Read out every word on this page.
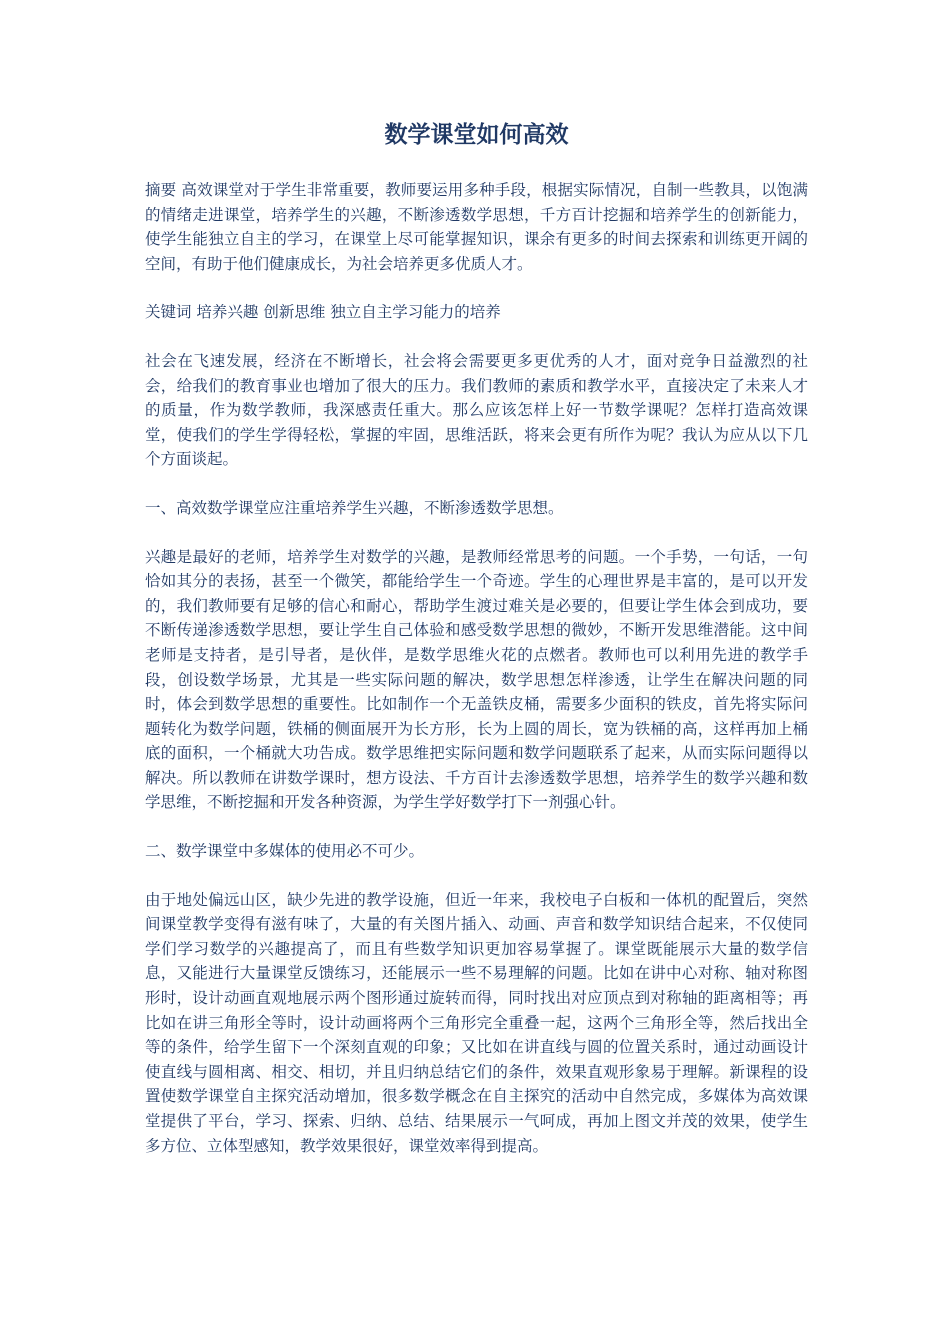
数学课堂如何高效

摘要 高效课堂对于学生非常重要，教师要运用多种手段，根据实际情况，自制一些教具，以饱满的情绪走进课堂，培养学生的兴趣，不断渗透数学思想，千方百计挖掘和培养学生的创新能力，使学生能独立自主的学习，在课堂上尽可能掌握知识，课余有更多的时间去探索和训练更开阔的空间，有助于他们健康成长，为社会培养更多优质人才。

关键词 培养兴趣 创新思维 独立自主学习能力的培养

社会在飞速发展，经济在不断增长，社会将会需要更多更优秀的人才，面对竞争日益激烈的社会，给我们的教育事业也增加了很大的压力。我们教师的素质和教学水平，直接决定了未来人才的质量，作为数学教师，我深感责任重大。那么应该怎样上好一节数学课呢？怎样打造高效课堂，使我们的学生学得轻松，掌握的牢固，思维活跃，将来会更有所作为呢？我认为应从以下几个方面谈起。

一、高效数学课堂应注重培养学生兴趣，不断渗透数学思想。

兴趣是最好的老师，培养学生对数学的兴趣，是教师经常思考的问题。一个手势，一句话，一句恰如其分的表扬，甚至一个微笑，都能给学生一个奇迹。学生的心理世界是丰富的，是可以开发的，我们教师要有足够的信心和耐心，帮助学生渡过难关是必要的，但要让学生体会到成功，要不断传递渗透数学思想，要让学生自己体验和感受数学思想的微妙，不断开发思维潜能。这中间老师是支持者，是引导者，是伙伴，是数学思维火花的点燃者。教师也可以利用先进的教学手段，创设数学场景，尤其是一些实际问题的解决，数学思想怎样渗透，让学生在解决问题的同时，体会到数学思想的重要性。比如制作一个无盖铁皮桶，需要多少面积的铁皮，首先将实际问题转化为数学问题，铁桶的侧面展开为长方形，长为上圆的周长，宽为铁桶的高，这样再加上桶底的面积，一个桶就大功告成。数学思维把实际问题和数学问题联系了起来，从而实际问题得以解决。所以教师在讲数学课时，想方设法、千方百计去渗透数学思想，培养学生的数学兴趣和数学思维，不断挖掘和开发各种资源，为学生学好数学打下一剂强心针。

二、数学课堂中多媒体的使用必不可少。

由于地处偏远山区，缺少先进的教学设施，但近一年来，我校电子白板和一体机的配置后，突然间课堂教学变得有滋有味了，大量的有关图片插入、动画、声音和数学知识结合起来，不仅使同学们学习数学的兴趣提高了，而且有些数学知识更加容易掌握了。课堂既能展示大量的数学信息，又能进行大量课堂反馈练习，还能展示一些不易理解的问题。比如在讲中心对称、轴对称图形时，设计动画直观地展示两个图形通过旋转而得，同时找出对应顶点到对称轴的距离相等；再比如在讲三角形全等时，设计动画将两个三角形完全重叠一起，这两个三角形全等，然后找出全等的条件，给学生留下一个深刻直观的印象；又比如在讲直线与圆的位置关系时，通过动画设计使直线与圆相离、相交、相切，并且归纳总结它们的条件，效果直观形象易于理解。新课程的设置使数学课堂自主探究活动增加，很多数学概念在自主探究的活动中自然完成，多媒体为高效课堂提供了平台，学习、探索、归纳、总结、结果展示一气呵成，再加上图文并茂的效果，使学生多方位、立体型感知，教学效果很好，课堂效率得到提高。
